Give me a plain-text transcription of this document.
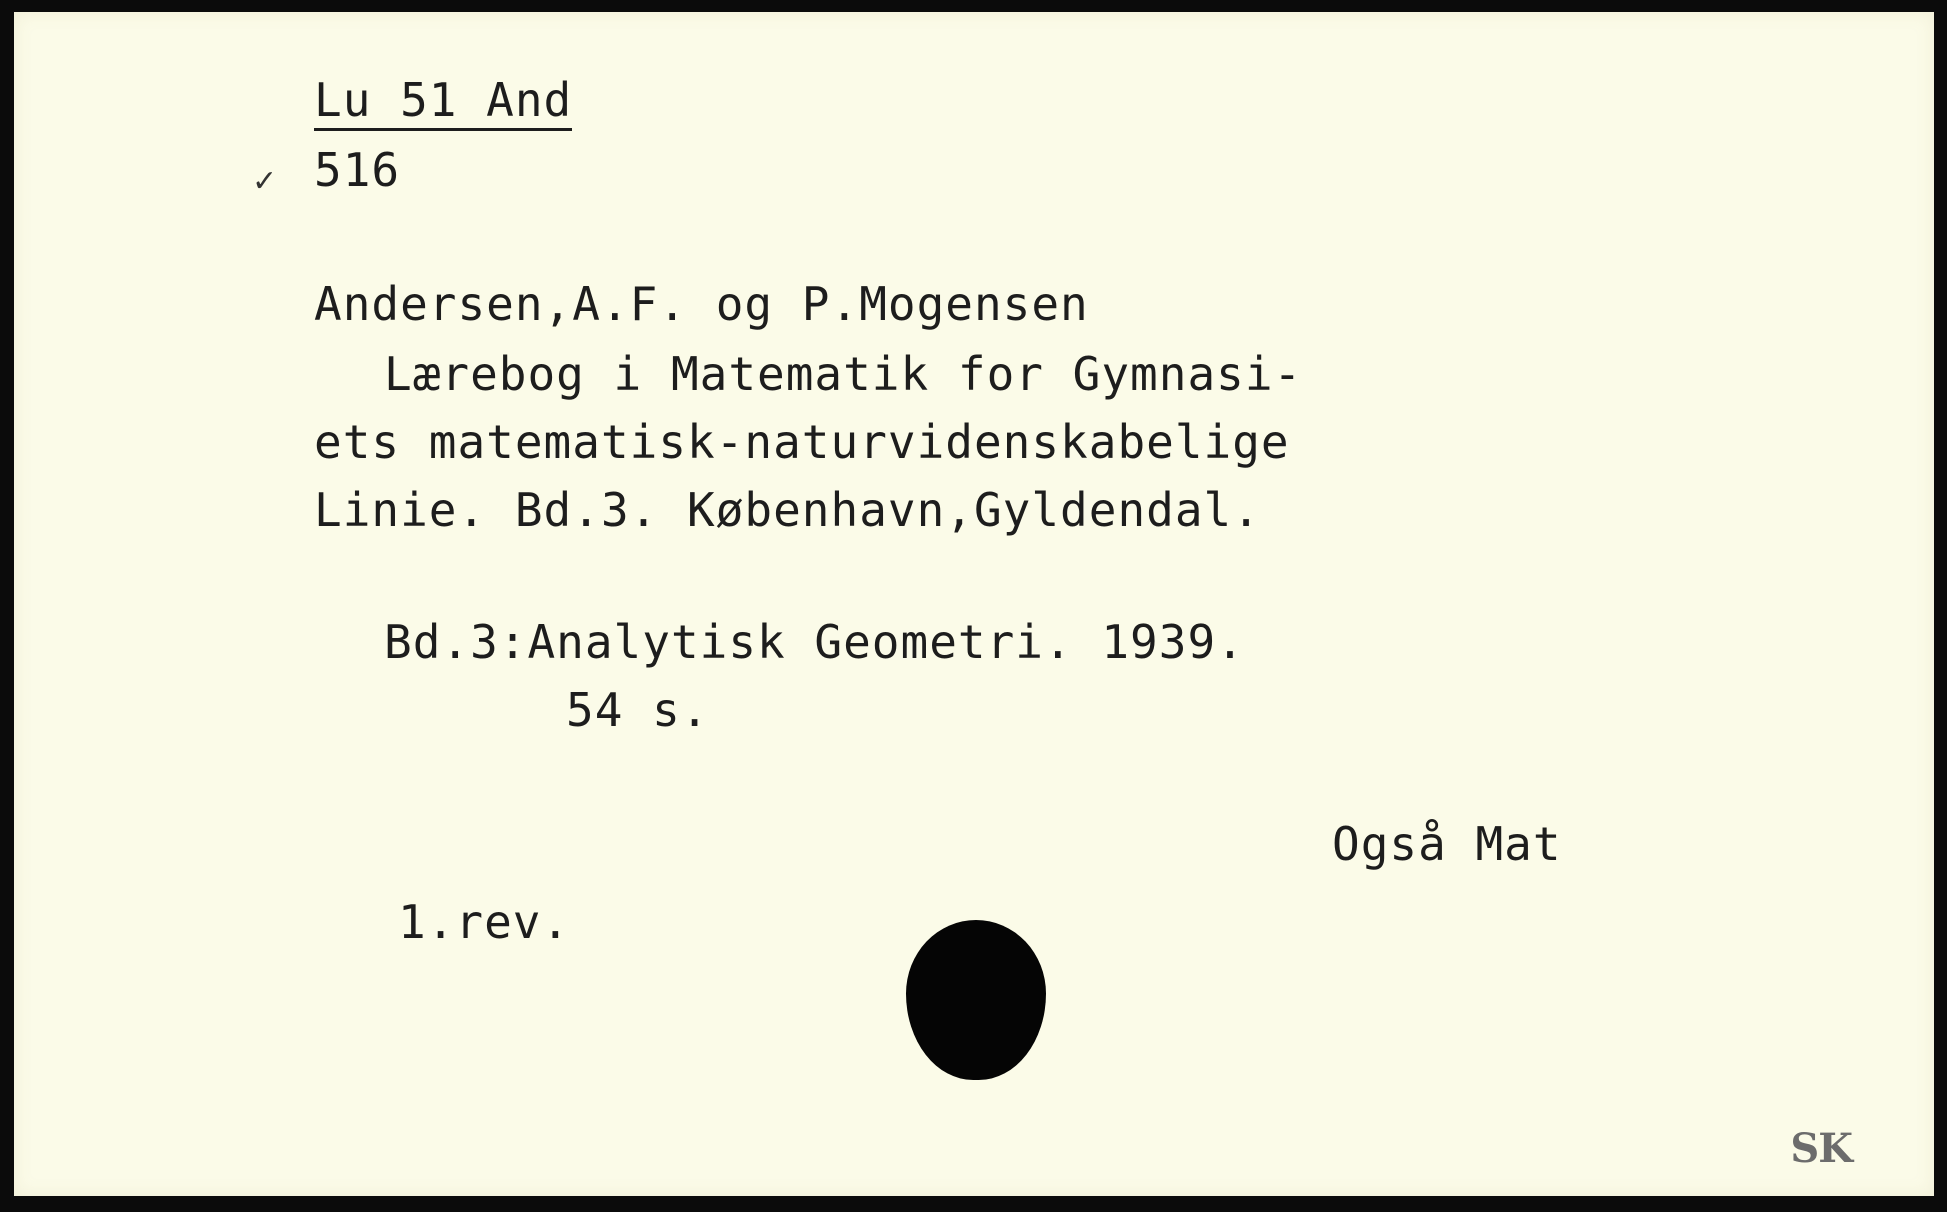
✓
Lu 51 And
516
Andersen,A.F. og P.Mogensen
Lærebog i Matematik for Gymnasi-
ets matematisk-naturvidenskabelige
Linie. Bd.3. København,Gyldendal.
Bd.3:Analytisk Geometri. 1939.
54 s.
Også Mat
1.rev.
SK
